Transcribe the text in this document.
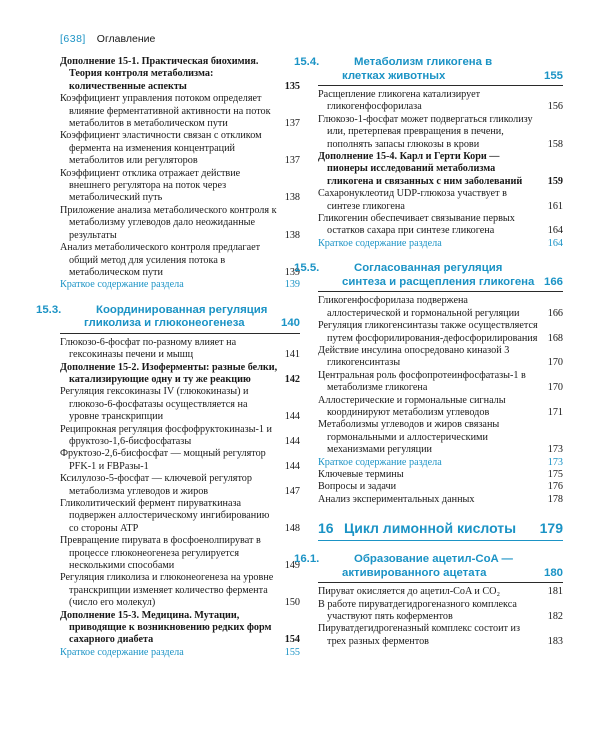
[638] Оглавление
Дополнение 15-1. Практическая биохимия. Теория контроля метаболизма: количественные аспекты	135
Коэффициент управления потоком определяет влияние ферментативной активности на поток метаболитов в метаболическом пути	137
Коэффициент эластичности связан с откликом фермента на изменения концентраций метаболитов или регуляторов	137
Коэффициент отклика отражает действие внешнего регулятора на поток через метаболический путь	138
Приложение анализа метаболического контроля к метаболизму углеводов дало неожиданные результаты	138
Анализ метаболического контроля предлагает общий метод для усиления потока в метаболическом пути	139
Краткое содержание раздела	139
15.3.	Координированная регуляция гликолиза и глюконеогенеза	140
Глюкозо-6-фосфат по-разному влияет на гексокиназы печени и мышц	141
Дополнение 15-2. Изоферменты: разные белки, катализирующие одну и ту же реакцию	142
Регуляция гексокиназы IV (глюкокиназы) и глюкозо-6-фосфатазы осуществляется на уровне транскрипции	144
Реципрокная регуляция фосфофруктокиназы-1 и фруктозо-1,6-бисфосфатазы	144
Фруктозо-2,6-бисфосфат — мощный регулятор PFK-1 и FBPазы-1	144
Ксилулозо-5-фосфат — ключевой регулятор метаболизма углеводов и жиров	147
Гликолитический фермент пируваткиназа подвержен аллостерическому ингибированию со стороны ATP	148
Превращение пирувата в фосфоенолпируват в процессе глюконеогенеза регулируется несколькими способами	149
Регуляция гликолиза и глюконеогенеза на уровне транскрипции изменяет количество фермента (число его молекул)	150
Дополнение 15-3. Медицина. Мутации, приводящие к возникновению редких форм сахарного диабета	154
Краткое содержание раздела	155
15.4.	Метаболизм гликогена в клетках животных	155
Расщепление гликогена катализирует гликогенфосфорилаза	156
Глюкозо-1-фосфат может подвергаться гликолизу или, претерпевая превращения в печени, пополнять запасы глюкозы в крови	158
Дополнение 15-4. Карл и Герти Кори — пионеры исследований метаболизма гликогена и связанных с ним заболеваний	159
Сахаронуклеотид UDP-глюкоза участвует в синтезе гликогена	161
Гликогенин обеспечивает связывание первых остатков сахара при синтезе гликогена	164
Краткое содержание раздела	164
15.5.	Согласованная регуляция синтеза и расщепления гликогена 166
Гликогенфосфорилаза подвержена аллостерической и гормональной регуляции	166
Регуляция гликогенсинтазы также осуществляется путем фосфорилирования-дефосфорилирования	168
Действие инсулина опосредовано киназой 3 гликогенсинтазы	170
Центральная роль фосфопротеинфосфатазы-1 в метаболизме гликогена	170
Аллостерические и гормональные сигналы координируют метаболизм углеводов	171
Метаболизмы углеводов и жиров связаны гормональными и аллостерическими механизмами регуляции	173
Краткое содержание раздела	173
Ключевые термины	175
Вопросы и задачи	176
Анализ экспериментальных данных	178
16 Цикл лимонной кислоты 179
16.1.	Образование ацетил-CoA — активированного ацетата	180
Пируват окисляется до ацетил-CoA и CO₂	181
В работе пируватдегидрогеназного комплекса участвуют пять коферментов	182
Пируватдегидрогеназный комплекс состоит из трех разных ферментов	183
